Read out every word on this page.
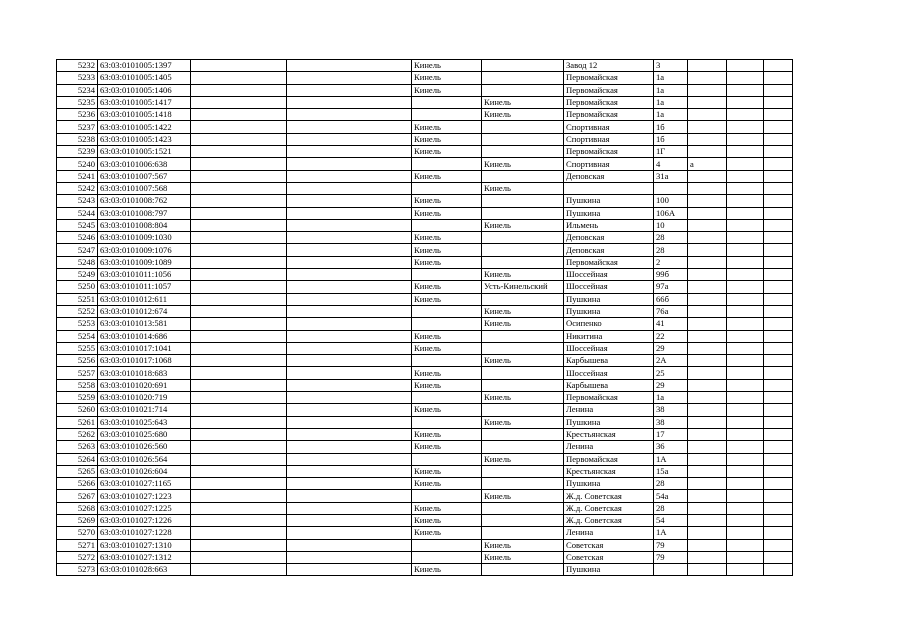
5232	63:03:0101005:1397			Кинель		Завод 12	3			
5233	63:03:0101005:1405			Кинель		Первомайская	1а			
5234	63:03:0101005:1406			Кинель		Первомайская	1а			
5235	63:03:0101005:1417				Кинель	Первомайская	1а			
5236	63:03:0101005:1418				Кинель	Первомайская	1а			
5237	63:03:0101005:1422			Кинель		Спортивная	1б			
5238	63:03:0101005:1423			Кинель		Спортивная	1б			
5239	63:03:0101005:1521			Кинель		Первомайская	1Г			
5240	63:03:0101006:638				Кинель	Спортивная	4	а		
5241	63:03:0101007:567			Кинель		Деповская	31а			
5242	63:03:0101007:568				Кинель					
5243	63:03:0101008:762			Кинель		Пушкина	100			
5244	63:03:0101008:797			Кинель		Пушкина	106А			
5245	63:03:0101008:804				Кинель	Ильмень	10			
5246	63:03:0101009:1030			Кинель		Деповская	28			
5247	63:03:0101009:1076			Кинель		Деповская	28			
5248	63:03:0101009:1089			Кинель		Первомайская	2			
5249	63:03:0101011:1056				Кинель	Шоссейная	99б			
5250	63:03:0101011:1057			Кинель	Усть-Кинельский	Шоссейная	97а			
5251	63:03:0101012:611			Кинель		Пушкина	66б			
5252	63:03:0101012:674				Кинель	Пушкина	76а			
5253	63:03:0101013:581				Кинель	Осипенко	41			
5254	63:03:0101014:686			Кинель		Никитина	22			
5255	63:03:0101017:1041			Кинель		Шоссейная	29			
5256	63:03:0101017:1068				Кинель	Карбышева	2А			
5257	63:03:0101018:683			Кинель		Шоссейная	25			
5258	63:03:0101020:691			Кинель		Карбышева	29			
5259	63:03:0101020:719				Кинель	Первомайская	1а			
5260	63:03:0101021:714			Кинель		Ленина	38			
5261	63:03:0101025:643				Кинель	Пушкина	38			
5262	63:03:0101025:680			Кинель		Крестьянская	17			
5263	63:03:0101026:560			Кинель		Ленина	36			
5264	63:03:0101026:564				Кинель	Первомайская	1А			
5265	63:03:0101026:604			Кинель		Крестьянская	15а			
5266	63:03:0101027:1165			Кинель		Пушкина	28			
5267	63:03:0101027:1223				Кинель	Ж.д. Советская	54а			
5268	63:03:0101027:1225			Кинель		Ж.д. Советская	28			
5269	63:03:0101027:1226			Кинель		Ж.д. Советская	54			
5270	63:03:0101027:1228			Кинель		Ленина	1А			
5271	63:03:0101027:1310				Кинель	Советская	79			
5272	63:03:0101027:1312				Кинель	Советская	79			
5273	63:03:0101028:663			Кинель		Пушкина				
